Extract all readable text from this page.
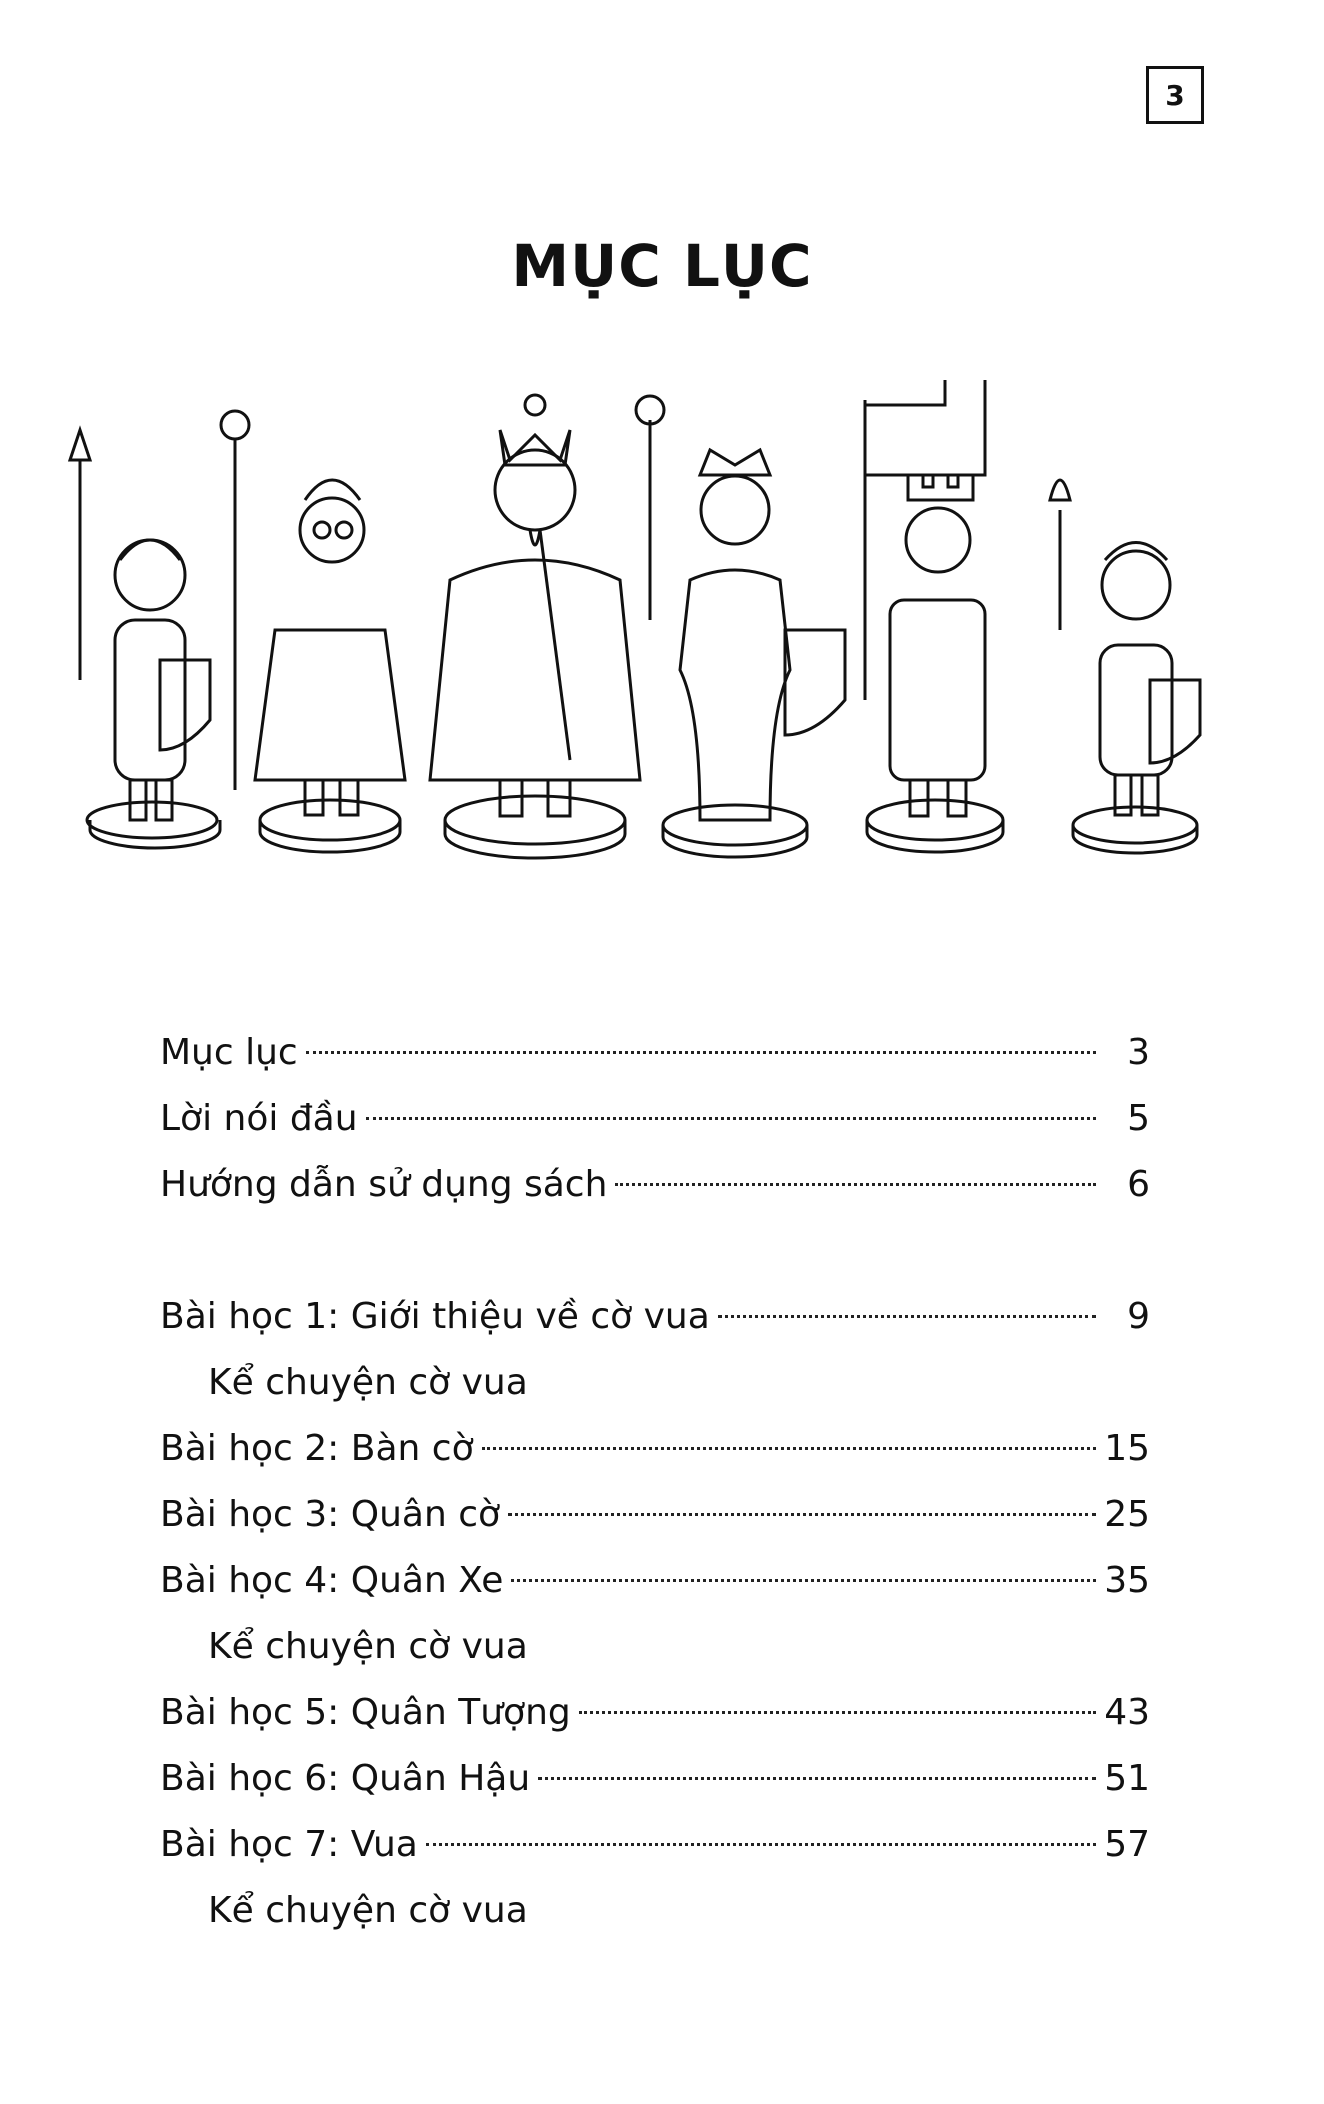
3
MỤC LỤC
Mục lục	3
Lời nói đầu	5
Hướng dẫn sử dụng sách	6
Bài học 1: Giới thiệu về cờ vua	9
Kể chuyện cờ vua
Bài học 2: Bàn cờ	15
Bài học 3: Quân cờ	25
Bài học 4: Quân Xe	35
Kể chuyện cờ vua
Bài học 5: Quân Tượng	43
Bài học 6: Quân Hậu	51
Bài học 7: Vua	57
Kể chuyện cờ vua
